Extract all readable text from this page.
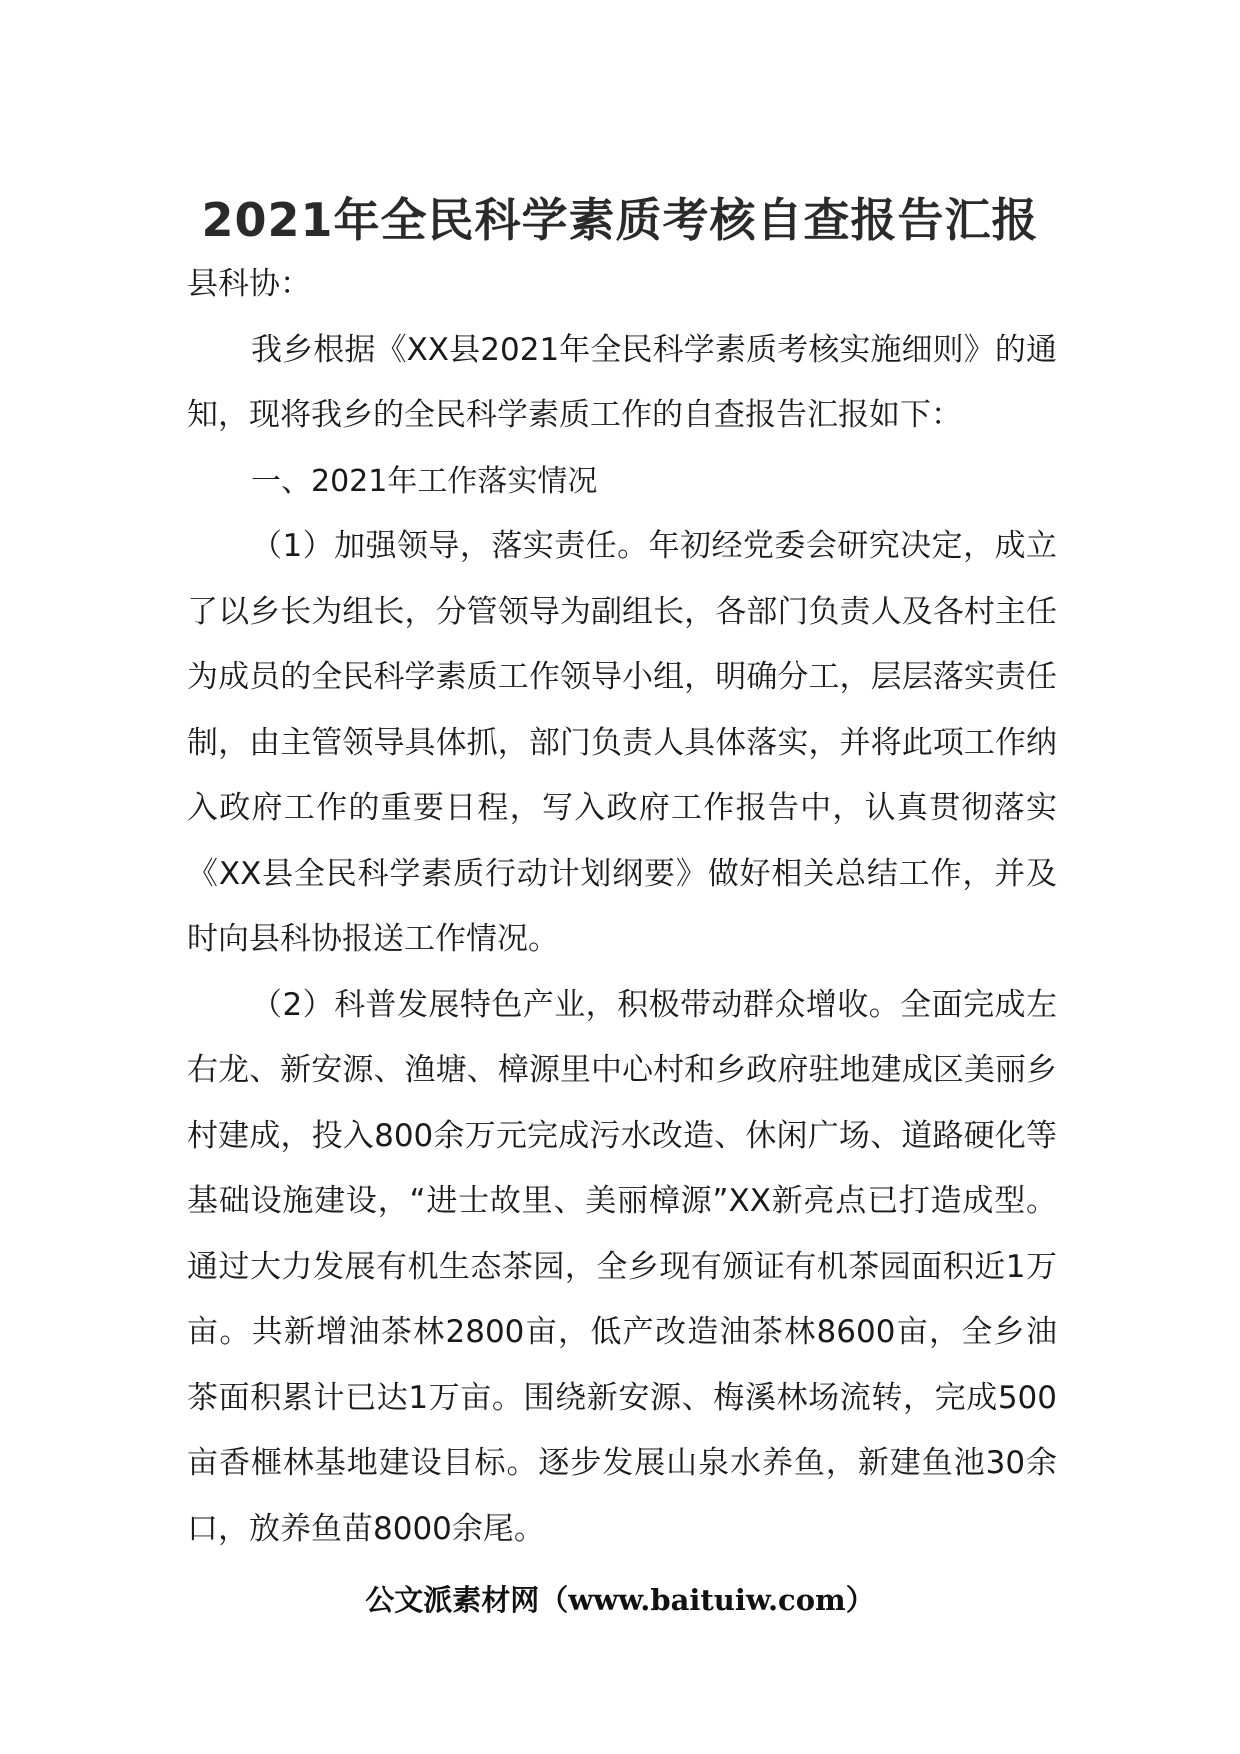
2021年全民科学素质考核自查报告汇报

县科协：

我乡根据《XX县2021年全民科学素质考核实施细则》的通知，现将我乡的全民科学素质工作的自查报告汇报如下：

一、2021年工作落实情况

（1）加强领导，落实责任。年初经党委会研究决定，成立了以乡长为组长，分管领导为副组长，各部门负责人及各村主任为成员的全民科学素质工作领导小组，明确分工，层层落实责任制，由主管领导具体抓，部门负责人具体落实，并将此项工作纳入政府工作的重要日程，写入政府工作报告中，认真贯彻落实《XX县全民科学素质行动计划纲要》做好相关总结工作，并及时向县科协报送工作情况。

（2）科普发展特色产业，积极带动群众增收。全面完成左右龙、新安源、渔塘、樟源里中心村和乡政府驻地建成区美丽乡村建成，投入800余万元完成污水改造、休闲广场、道路硬化等基础设施建设，“进士故里、美丽樟源”XX新亮点已打造成型。通过大力发展有机生态茶园，全乡现有颁证有机茶园面积近1万亩。共新增油茶林2800亩，低产改造油茶林8600亩，全乡油茶面积累计已达1万亩。围绕新安源、梅溪林场流转，完成500亩香榧林基地建设目标。逐步发展山泉水养鱼，新建鱼池30余口，放养鱼苗8000余尾。

公文派素材网（www.baituiw.com）
